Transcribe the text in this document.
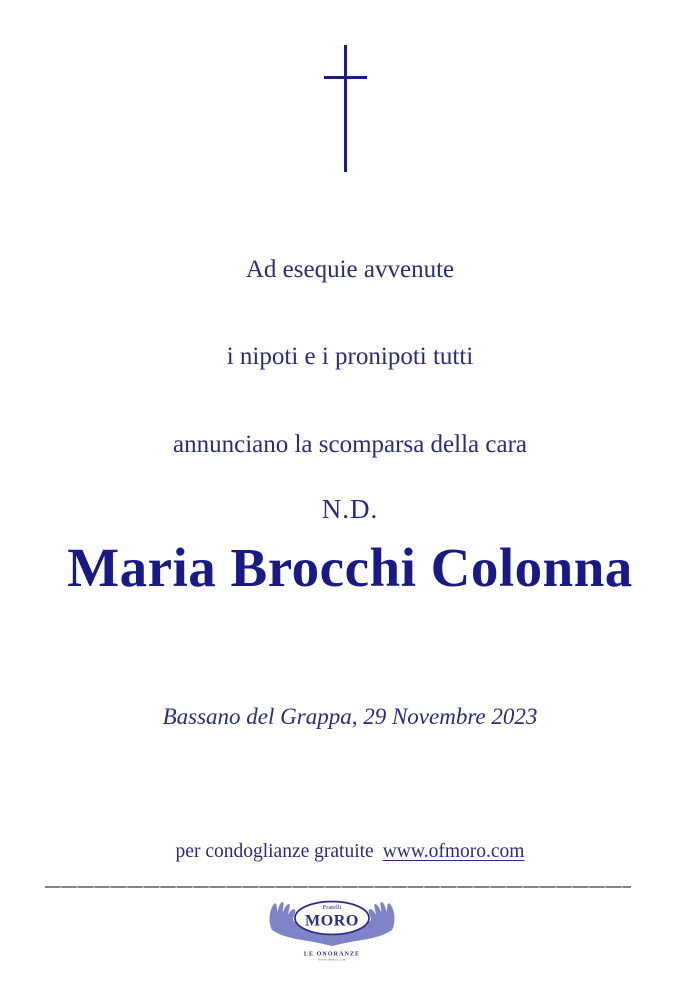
Ad esequie avvenute
i nipoti e i pronipoti tutti
annunciano la scomparsa della cara
N.D.
Maria Brocchi Colonna
Bassano del Grappa, 29 Novembre 2023
per condoglianze gratuite www.ofmoro.com
Fratelli
MORO
LE ONORANZE
www.ofmoro.com
